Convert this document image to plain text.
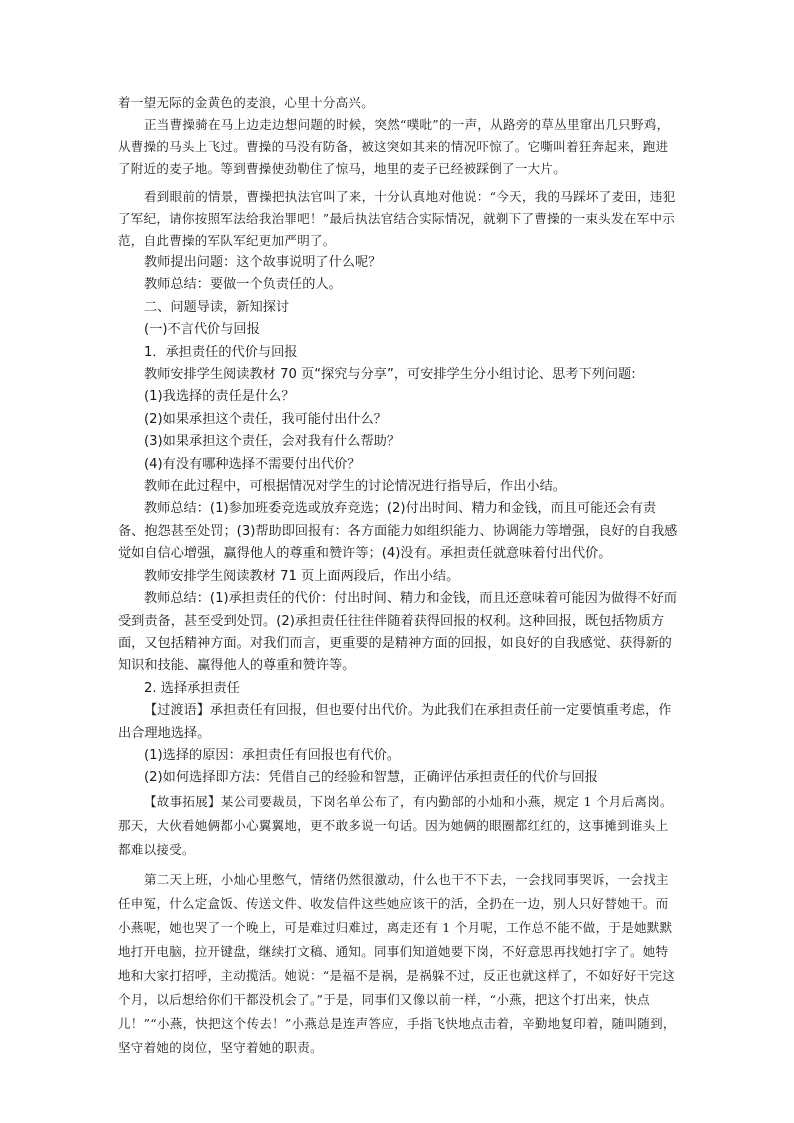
着一望无际的金黄色的麦浪，心里十分高兴。

正当曹操骑在马上边走边想问题的时候，突然“噗吡”的一声，从路旁的草丛里窜出几只野鸡，从曹操的马头上飞过。曹操的马没有防备，被这突如其来的情况吓惊了。它嘶叫着狂奔起来，跑进了附近的麦子地。等到曹操使劲勒住了惊马，地里的麦子已经被踩倒了一大片。

看到眼前的情景，曹操把执法官叫了来，十分认真地对他说：“今天，我的马踩坏了麦田，违犯了军纪，请你按照军法给我治罪吧！”最后执法官结合实际情况，就剃下了曹操的一束头发在军中示范，自此曹操的军队军纪更加严明了。

教师提出问题：这个故事说明了什么呢？

教师总结：要做一个负责任的人。

二、问题导读，新知探讨

(一)不言代价与回报

1．承担责任的代价与回报

教师安排学生阅读教材 70 页“探究与分享”，可安排学生分小组讨论、思考下列问题:

(1)我选择的责任是什么？

(2)如果承担这个责任，我可能付出什么？

(3)如果承担这个责任，会对我有什么帮助？

(4)有没有哪种选择不需要付出代价？

教师在此过程中，可根据情况对学生的讨论情况进行指导后，作出小结。

教师总结：(1)参加班委竞选或放弃竞选；(2)付出时间、精力和金钱，而且可能还会有责备、抱怨甚至处罚；(3)帮助即回报有：各方面能力如组织能力、协调能力等增强，良好的自我感觉如自信心增强，赢得他人的尊重和赞许等；(4)没有。承担责任就意味着付出代价。

教师安排学生阅读教材 71 页上面两段后，作出小结。

教师总结：(1)承担责任的代价：付出时间、精力和金钱，而且还意味着可能因为做得不好而受到责备，甚至受到处罚。(2)承担责任往往伴随着获得回报的权利。这种回报，既包括物质方面，又包括精神方面。对我们而言，更重要的是精神方面的回报，如良好的自我感觉、获得新的知识和技能、赢得他人的尊重和赞许等。

2. 选择承担责任

【过渡语】承担责任有回报，但也要付出代价。为此我们在承担责任前一定要慎重考虑，作出合理地选择。

(1)选择的原因：承担责任有回报也有代价。

(2)如何选择即方法：凭借自己的经验和智慧，正确评估承担责任的代价与回报

【故事拓展】某公司要裁员，下岗名单公布了，有内勤部的小灿和小燕，规定 1 个月后离岗。那天，大伙看她俩都小心翼翼地，更不敢多说一句话。因为她俩的眼圈都红红的，这事摊到谁头上都难以接受。

第二天上班，小灿心里憋气，情绪仍然很激动，什么也干不下去，一会找同事哭诉，一会找主任申冤，什么定盒饭、传送文件、收发信件这些她应该干的活，全扔在一边，别人只好替她干。而小燕呢，她也哭了一个晚上，可是难过归难过，离走还有 1 个月呢，工作总不能不做，于是她默默地打开电脑，拉开键盘，继续打文稿、通知。同事们知道她要下岗，不好意思再找她打字了。她特地和大家打招呼，主动揽活。她说：“是福不是祸，是祸躲不过，反正也就这样了，不如好好干完这个月，以后想给你们干都没机会了。”于是，同事们又像以前一样，“小燕，把这个打出来，快点儿！”“小燕，快把这个传去！”小燕总是连声答应，手指飞快地点击着，辛勤地复印着，随叫随到，坚守着她的岗位，坚守着她的职责。
